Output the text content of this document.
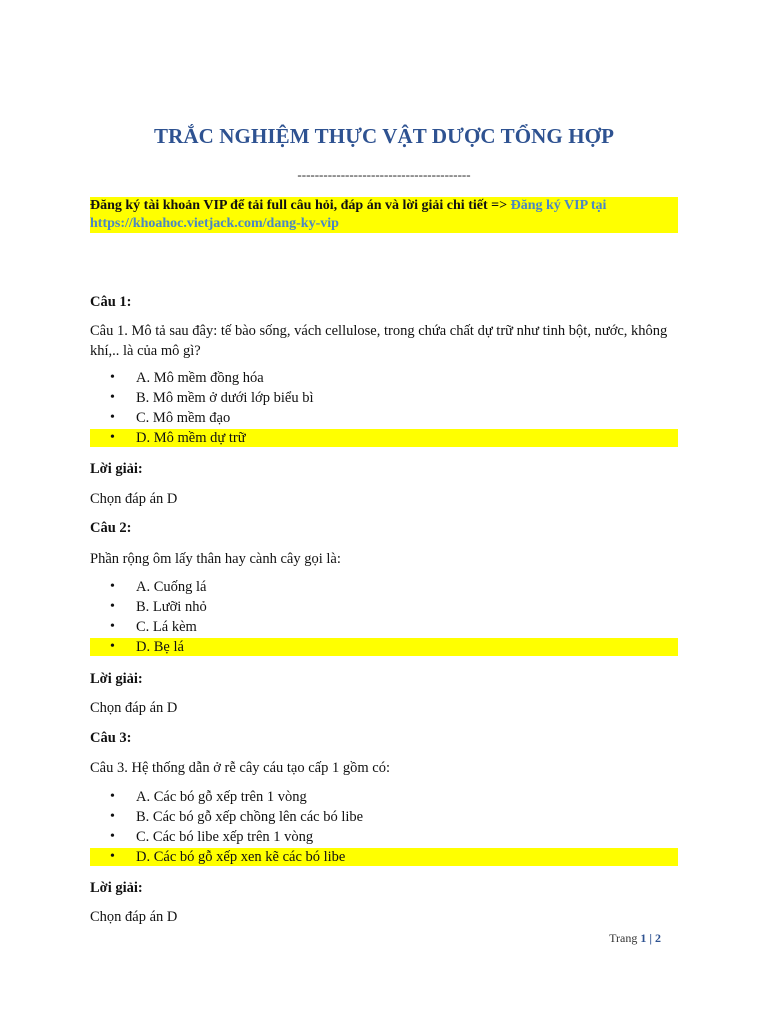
TRẮC NGHIỆM THỰC VẬT DƯỢC TỔNG HỢP
----------------------------------------
Đăng ký tài khoản VIP để tải full câu hỏi, đáp án và lời giải chi tiết => Đăng ký VIP tại https://khoahoc.vietjack.com/dang-ky-vip
Câu 1:
Câu 1. Mô tả sau đây: tế bào sống, vách cellulose, trong chứa chất dự trữ như tinh bột, nước, không khí,.. là của mô gì?
• A. Mô mềm đồng hóa
• B. Mô mềm ở dưới lớp biểu bì
• C. Mô mềm đạo
• D. Mô mềm dự trữ
Lời giải:
Chọn đáp án D
Câu 2:
Phần rộng ôm lấy thân hay cành cây gọi là:
• A. Cuống lá
• B. Lưỡi nhỏ
• C. Lá kèm
• D. Bẹ lá
Lời giải:
Chọn đáp án D
Câu 3:
Câu 3. Hệ thống dẫn ở rễ cây cáu tạo cấp 1 gồm có:
• A. Các bó gỗ xếp trên 1 vòng
• B. Các bó gỗ xếp chồng lên các bó libe
• C. Các bó libe xếp trên 1 vòng
• D. Các bó gỗ xếp xen kẽ các bó libe
Lời giải:
Chọn đáp án D
Trang 1 | 2
